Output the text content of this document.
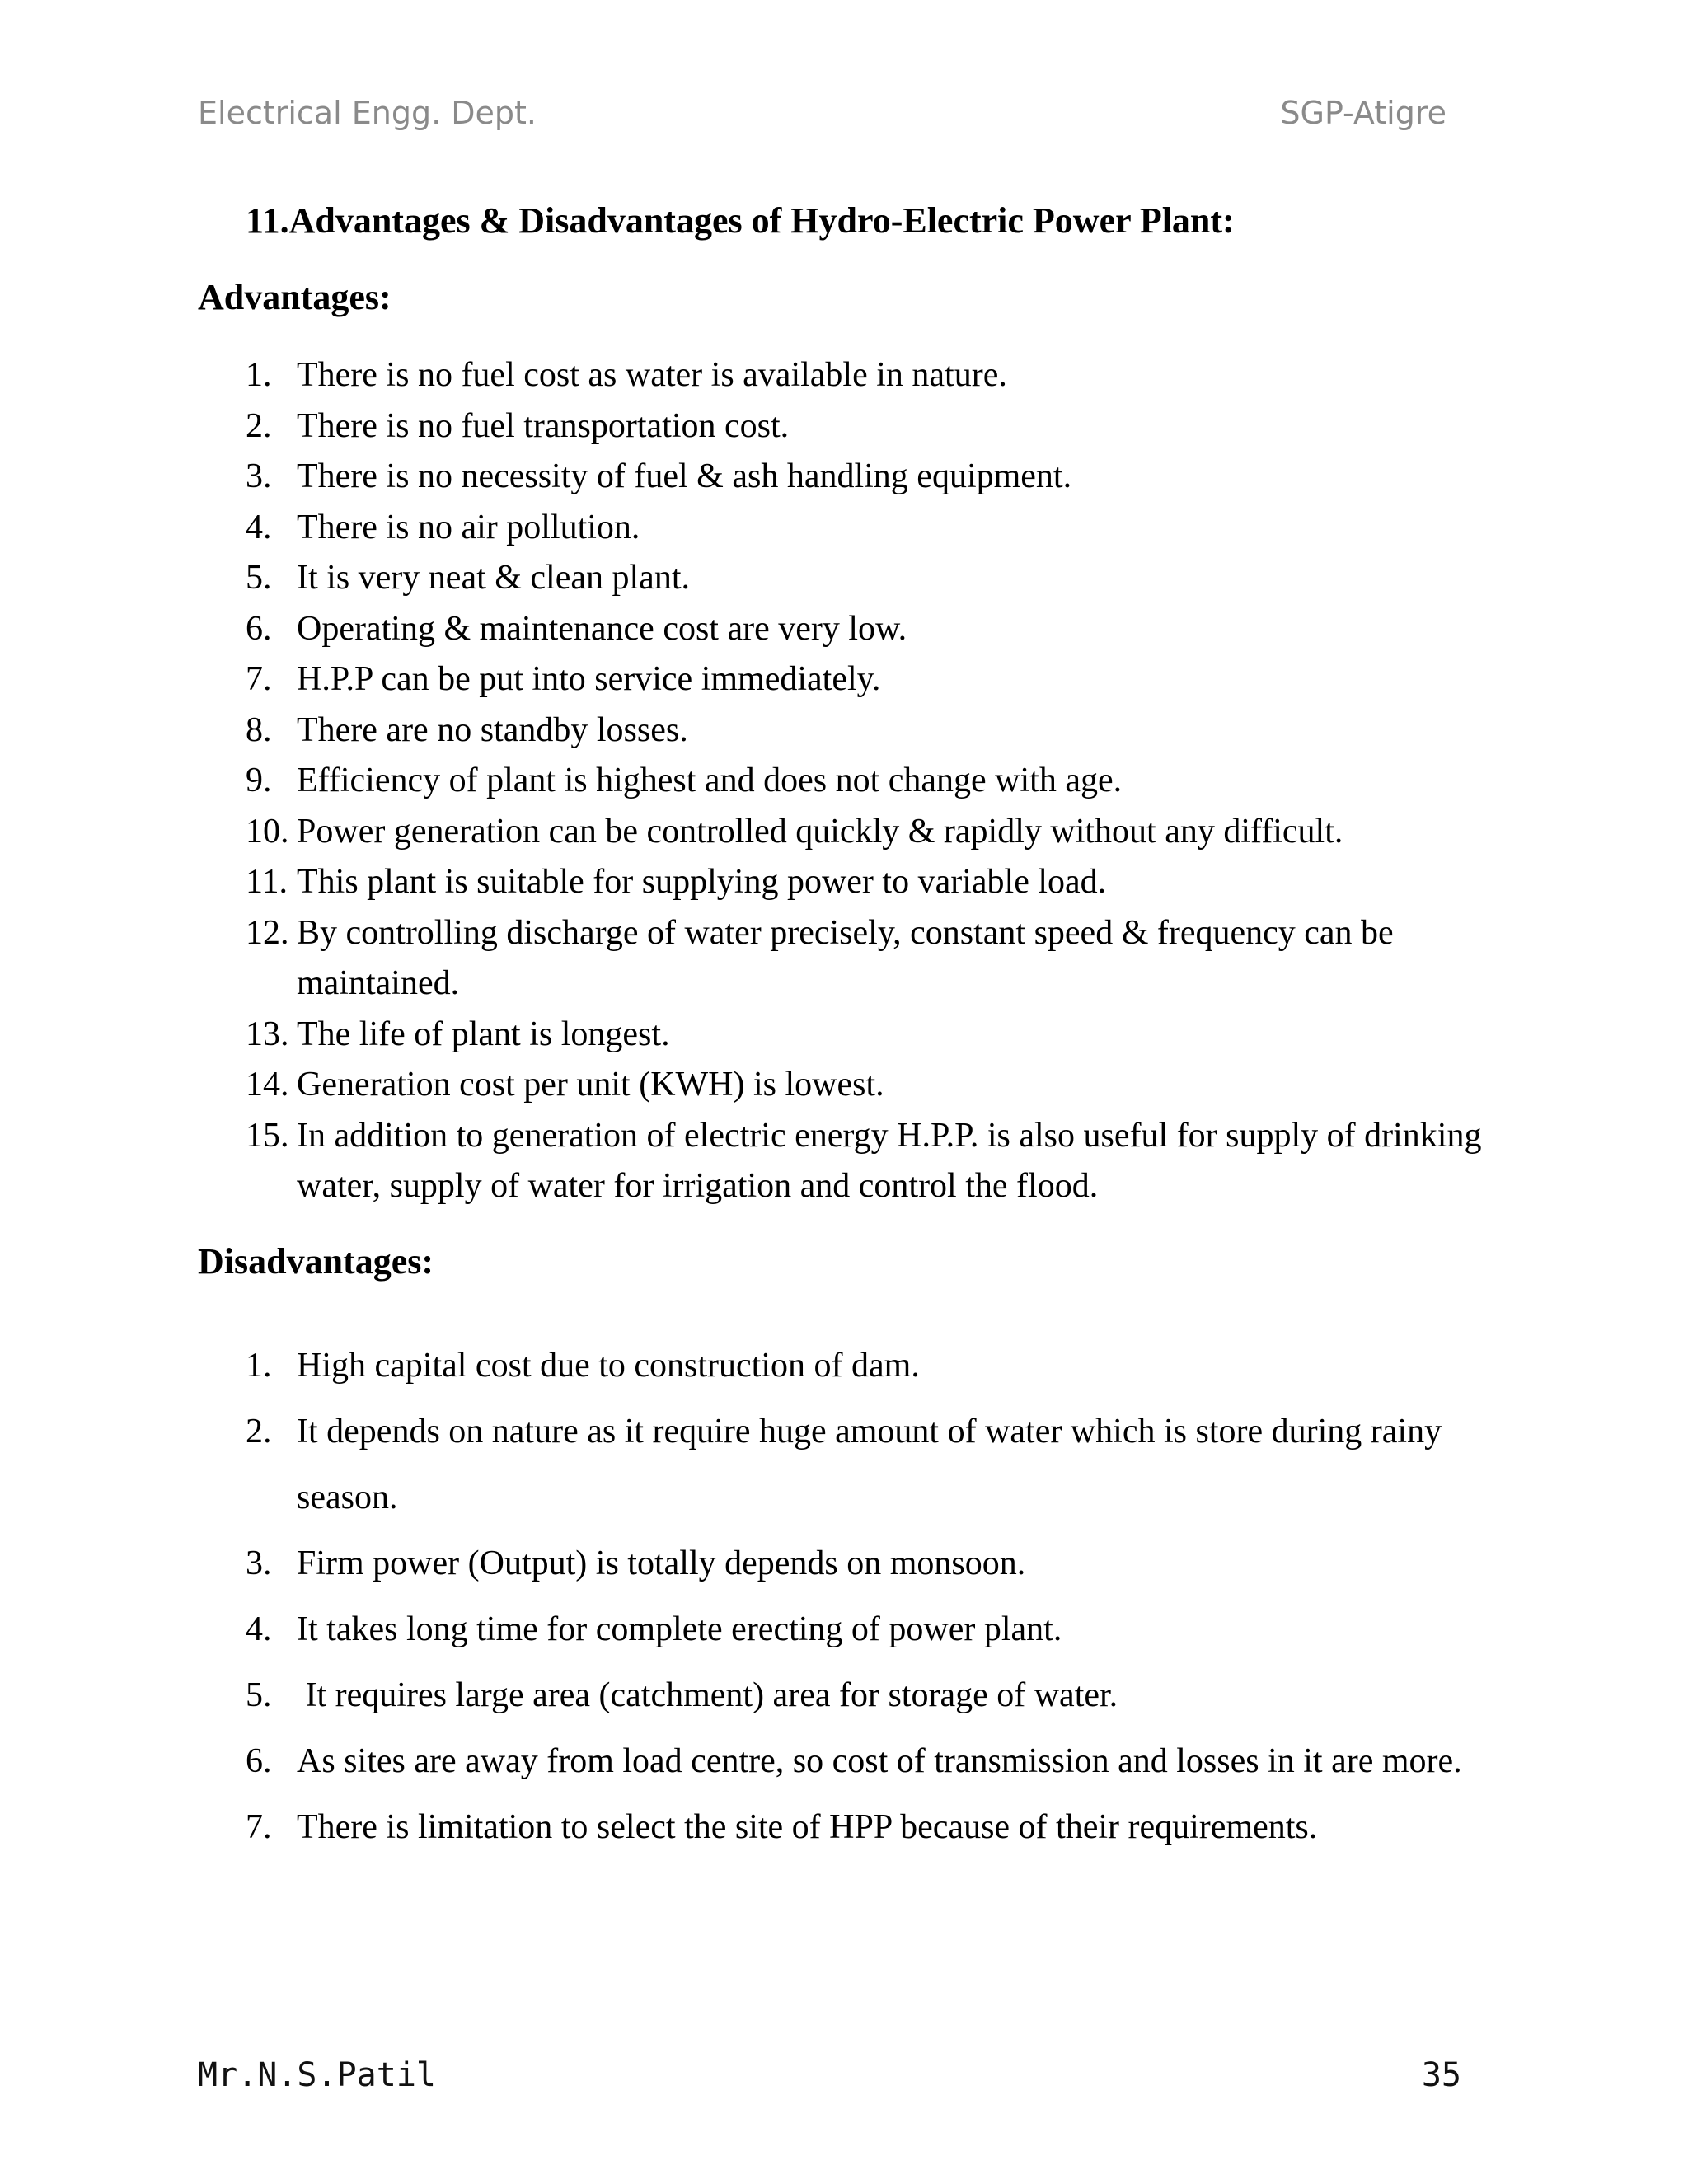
Electrical Engg. Dept.	SGP-Atigre
11.Advantages & Disadvantages of Hydro-Electric Power Plant:
Advantages:
1. There is no fuel cost as water is available in nature.
2. There is no fuel transportation cost.
3. There is no necessity of fuel & ash handling equipment.
4. There is no air pollution.
5. It is very neat & clean plant.
6. Operating & maintenance cost are very low.
7. H.P.P can be put into service immediately.
8. There are no standby losses.
9. Efficiency of plant is highest and does not change with age.
10. Power generation can be controlled quickly & rapidly without any difficult.
11. This plant is suitable for supplying power to variable load.
12. By controlling discharge of water precisely, constant speed & frequency can be maintained.
13. The life of plant is longest.
14. Generation cost per unit (KWH) is lowest.
15. In addition to generation of electric energy H.P.P. is also useful for supply of drinking water, supply of water for irrigation and control the flood.
Disadvantages:
1. High capital cost due to construction of dam.
2. It depends on nature as it require huge amount of water which is store during rainy season.
3. Firm power (Output) is totally depends on monsoon.
4. It takes long time for complete erecting of power plant.
5. It requires large area (catchment) area for storage of water.
6. As sites are away from load centre, so cost of transmission and losses in it are more.
7. There is limitation to select the site of HPP because of their requirements.
Mr.N.S.Patil	35
